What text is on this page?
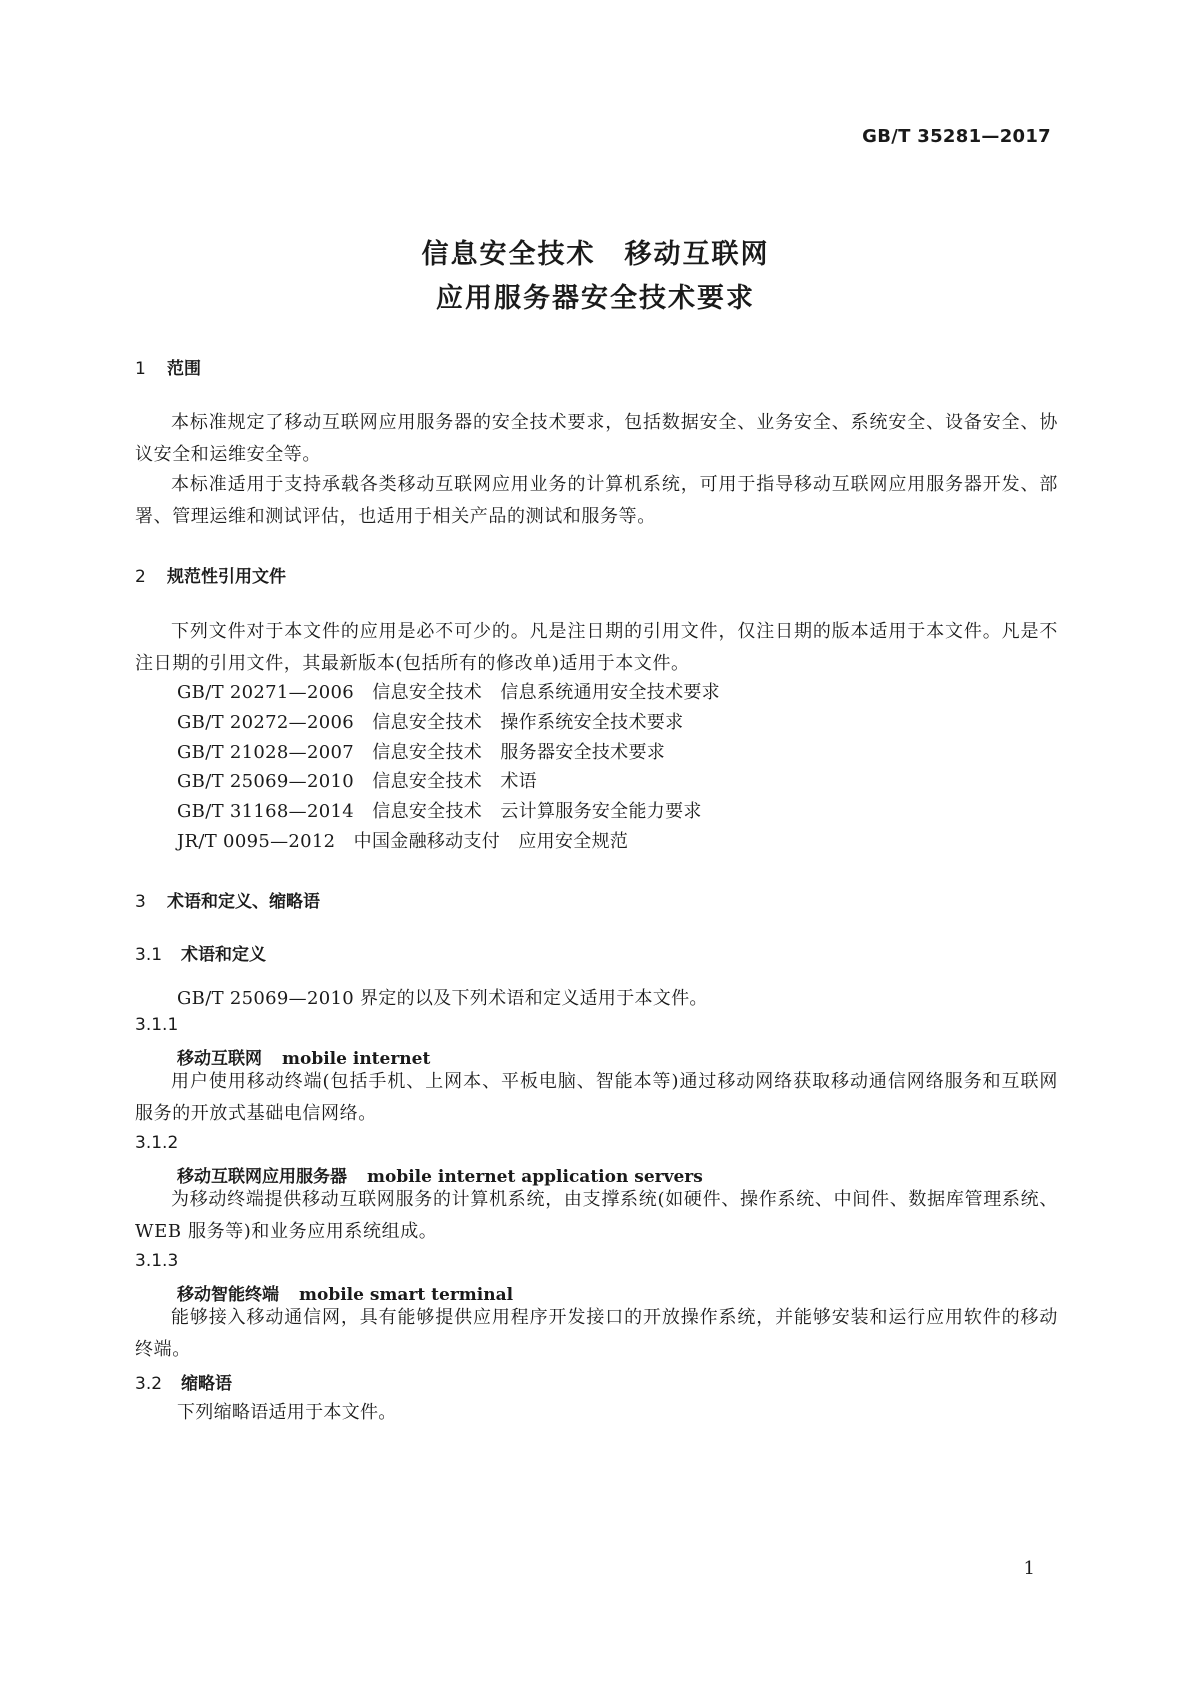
GB/T 35281—2017
信息安全技术　移动互联网
应用服务器安全技术要求
1 范围
本标准规定了移动互联网应用服务器的安全技术要求，包括数据安全、业务安全、系统安全、设备安全、协议安全和运维安全等。
本标准适用于支持承载各类移动互联网应用业务的计算机系统，可用于指导移动互联网应用服务器开发、部署、管理运维和测试评估，也适用于相关产品的测试和服务等。
2 规范性引用文件
下列文件对于本文件的应用是必不可少的。凡是注日期的引用文件，仅注日期的版本适用于本文件。凡是不注日期的引用文件，其最新版本(包括所有的修改单)适用于本文件。
GB/T 20271—2006　信息安全技术　信息系统通用安全技术要求
GB/T 20272—2006　信息安全技术　操作系统安全技术要求
GB/T 21028—2007　信息安全技术　服务器安全技术要求
GB/T 25069—2010　信息安全技术　术语
GB/T 31168—2014　信息安全技术　云计算服务安全能力要求
JR/T 0095—2012　中国金融移动支付　应用安全规范
3 术语和定义、缩略语
3.1 术语和定义
GB/T 25069—2010 界定的以及下列术语和定义适用于本文件。
3.1.1
移动互联网 mobile internet
用户使用移动终端(包括手机、上网本、平板电脑、智能本等)通过移动网络获取移动通信网络服务和互联网服务的开放式基础电信网络。
3.1.2
移动互联网应用服务器 mobile internet application servers
为移动终端提供移动互联网服务的计算机系统，由支撑系统(如硬件、操作系统、中间件、数据库管理系统、WEB 服务等)和业务应用系统组成。
3.1.3
移动智能终端 mobile smart terminal
能够接入移动通信网，具有能够提供应用程序开发接口的开放操作系统，并能够安装和运行应用软件的移动终端。
3.2 缩略语
下列缩略语适用于本文件。
1
